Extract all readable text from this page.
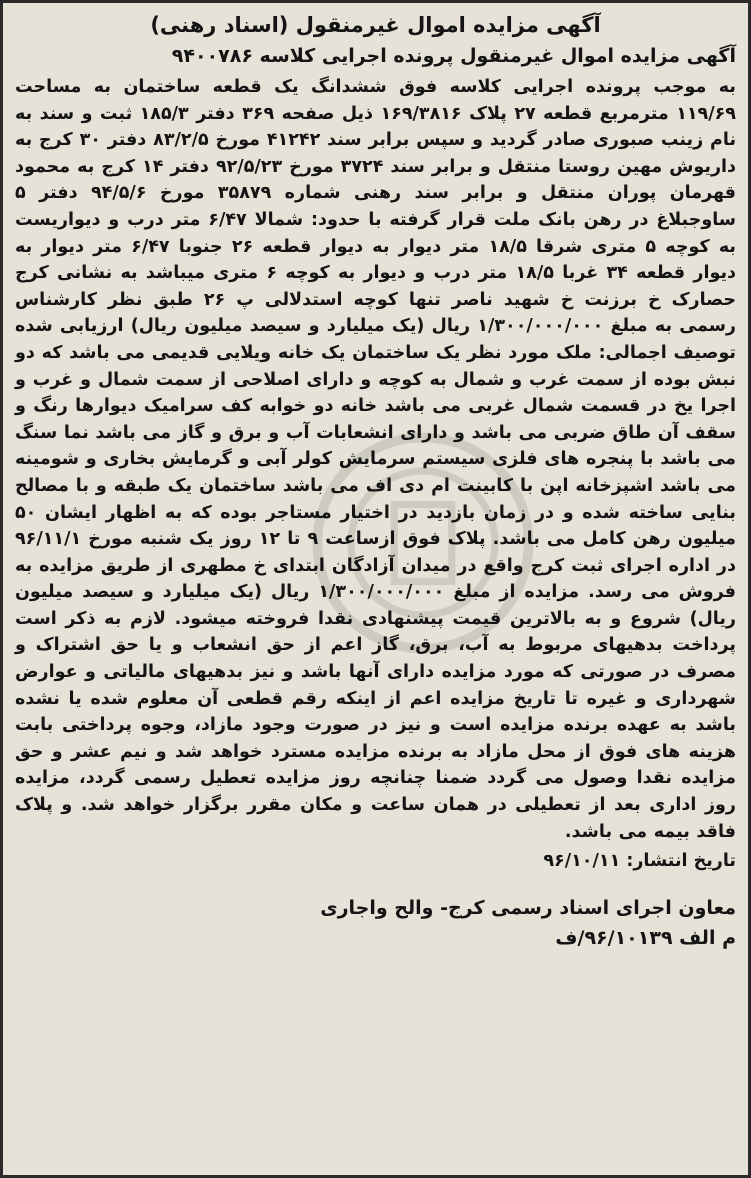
آگهی مزایده اموال غیرمنقول (اسناد رهنی)
آگهی مزایده اموال غیرمنقول پرونده اجرایی کلاسه ۹۴۰۰۷۸۶

به موجب پرونده اجرایی کلاسه فوق ششدانگ یک قطعه ساختمان به مساحت ۱۱۹/۶۹ مترمربع قطعه ۲۷ پلاک ۱۶۹/۳۸۱۶ ذیل صفحه ۳۶۹ دفتر ۱۸۵/۳ ثبت و سند به نام زینب صبوری صادر گردید و سپس برابر سند ۴۱۲۴۲ مورخ ۸۳/۲/۵ دفتر ۳۰ کرج به داریوش مهین روستا منتقل و برابر سند ۳۷۲۴ مورخ ۹۲/۵/۲۳ دفتر ۱۴ کرج به محمود قهرمان پوران منتقل و برابر سند رهنی شماره ۳۵۸۷۹ مورخ ۹۴/۵/۶ دفتر ۵ ساوجبلاغ در رهن بانک ملت قرار گرفته با حدود: شمالا ۶/۴۷ متر درب و دیواریست به کوچه ۵ متری شرقا ۱۸/۵ متر دیوار به دیوار قطعه ۲۶ جنوبا ۶/۴۷ متر دیوار به دیوار قطعه ۳۴ غربا ۱۸/۵ متر درب و دیوار به کوچه ۶ متری میباشد به نشانی کرج حصارک خ برزنت خ شهید ناصر تنها کوچه استدلالی پ ۲۶ طبق نظر کارشناس رسمی به مبلغ ۱/۳۰۰/۰۰۰/۰۰۰ ریال (یک میلیارد و سیصد میلیون ریال) ارزیابی شده توصیف اجمالی: ملک مورد نظر یک ساختمان یک خانه ویلایی قدیمی می باشد که دو نبش بوده از سمت غرب و شمال به کوچه و دارای اصلاحی از سمت شمال و غرب و اجرا یخ در قسمت شمال غربی می باشد خانه دو خوابه کف سرامیک دیوارها رنگ و سقف آن طاق ضربی می باشد و دارای انشعابات آب و برق و گاز می باشد نما سنگ می باشد با پنجره های فلزی سیستم سرمایش کولر آبی و گرمایش بخاری و شومینه می باشد اشپزخانه اپن با کابینت ام دی اف می باشد ساختمان یک طبقه و با مصالح بنایی ساخته شده و در زمان بازدید در اختیار مستاجر بوده که به اظهار ایشان ۵۰ میلیون رهن کامل می باشد. پلاک فوق ازساعت ۹ تا ۱۲ روز یک شنبه مورخ ۹۶/۱۱/۱ در اداره اجرای ثبت کرج واقع در میدان آزادگان ابتدای خ مطهری از طریق مزایده به فروش می رسد. مزایده از مبلغ ۱/۳۰۰/۰۰۰/۰۰۰ ریال (یک میلیارد و سیصد میلیون ریال) شروع و به بالاترین قیمت پیشنهادی نقدا فروخته میشود. لازم به ذکر است پرداخت بدهیهای مربوط به آب، برق، گاز اعم از حق انشعاب و یا حق اشتراک و مصرف در صورتی که مورد مزایده دارای آنها باشد و نیز بدهیهای مالیاتی و عوارض شهرداری و غیره تا تاریخ مزایده اعم از اینکه رقم قطعی آن معلوم شده یا نشده باشد به عهده برنده مزایده است و نیز در صورت وجود مازاد، وجوه پرداختی بابت هزینه های فوق از محل مازاد به برنده مزایده مسترد خواهد شد و نیم عشر و حق مزایده نقدا وصول می گردد ضمنا چنانچه روز مزایده تعطیل رسمی گردد، مزایده روز اداری بعد از تعطیلی در همان ساعت و مکان مقرر برگزار خواهد شد. و پلاک فاقد بیمه می باشد.

تاریخ انتشار: ۹۶/۱۰/۱۱
معاون اجرای اسناد رسمی کرج- والح واجاری
م الف ۹۶/۱۰۱۳۹/ف
